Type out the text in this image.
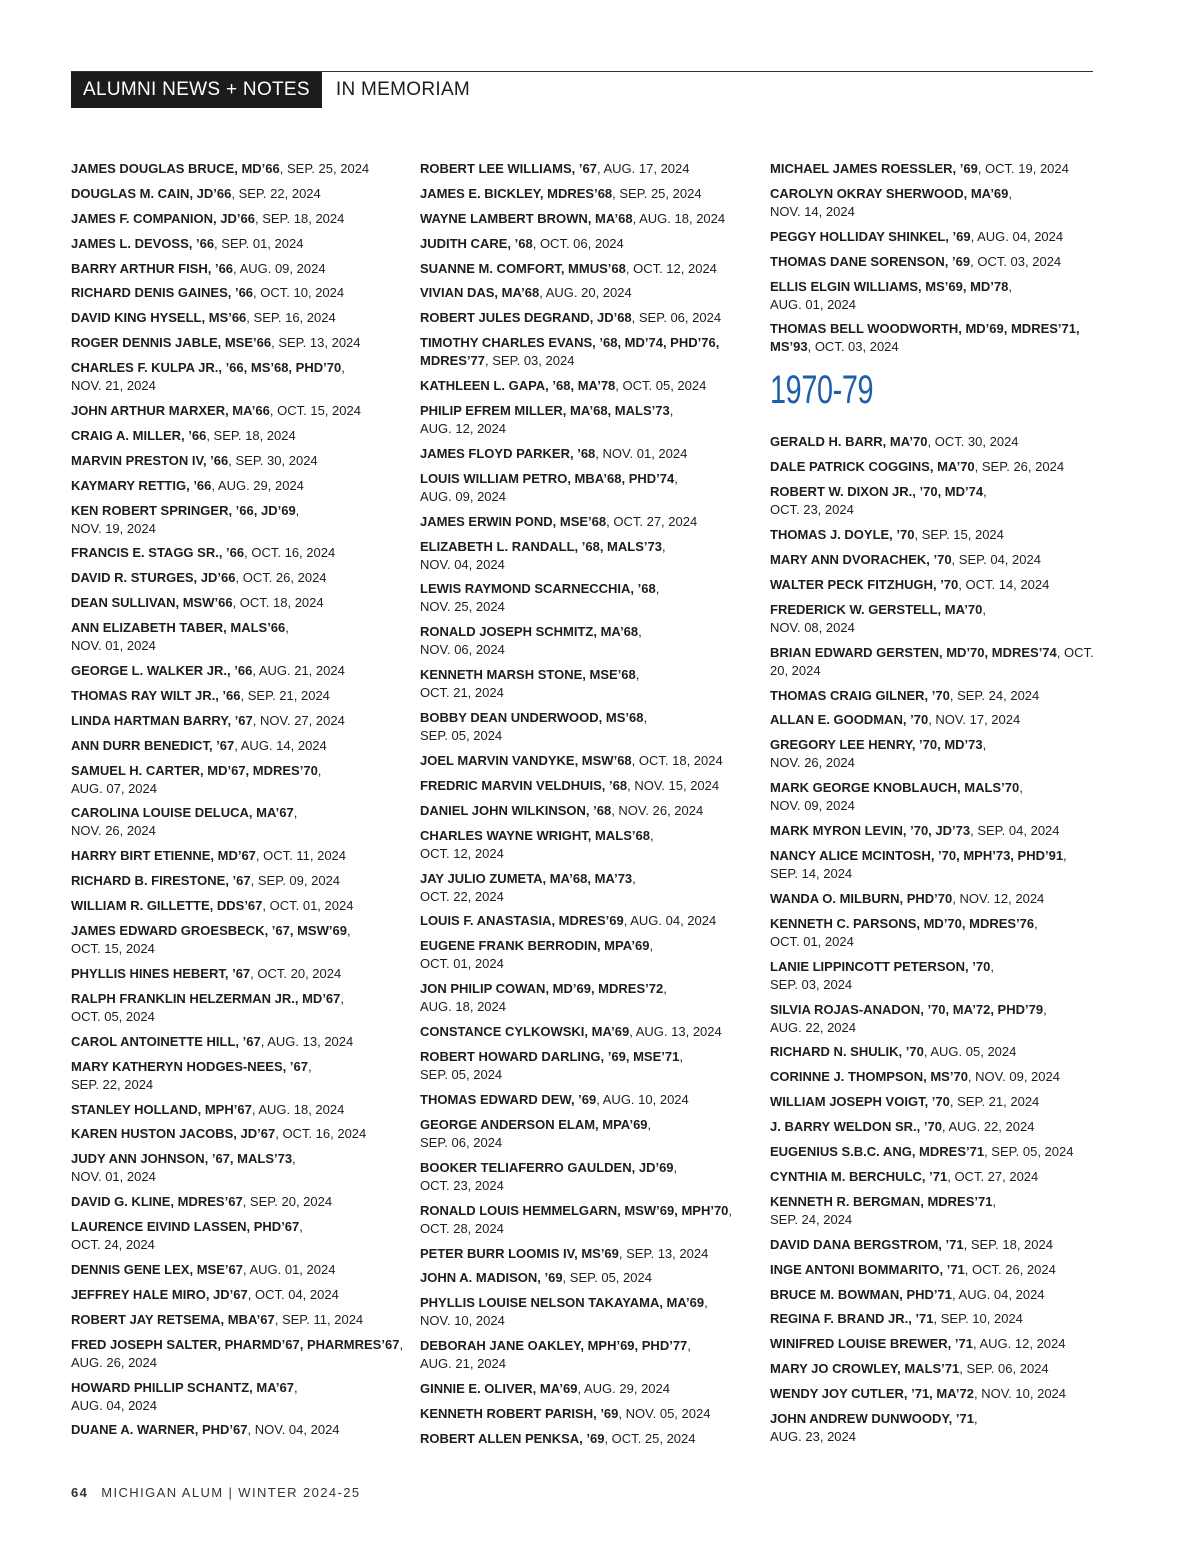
ALUMNI NEWS + NOTES	IN MEMORIAM
JAMES DOUGLAS BRUCE, MD’66, SEP. 25, 2024
DOUGLAS M. CAIN, JD’66, SEP. 22, 2024
JAMES F. COMPANION, JD’66, SEP. 18, 2024
JAMES L. DEVOSS, ’66, SEP. 01, 2024
BARRY ARTHUR FISH, ’66, AUG. 09, 2024
RICHARD DENIS GAINES, ’66, OCT. 10, 2024
DAVID KING HYSELL, MS’66, SEP. 16, 2024
ROGER DENNIS JABLE, MSE’66, SEP. 13, 2024
CHARLES F. KULPA JR., ’66, MS’68, PHD’70,
NOV. 21, 2024
JOHN ARTHUR MARXER, MA’66, OCT. 15, 2024
CRAIG A. MILLER, ’66, SEP. 18, 2024
MARVIN PRESTON IV, ’66, SEP. 30, 2024
KAYMARY RETTIG, ’66, AUG. 29, 2024
KEN ROBERT SPRINGER, ’66, JD’69,
NOV. 19, 2024
FRANCIS E. STAGG SR., ’66, OCT. 16, 2024
DAVID R. STURGES, JD’66, OCT. 26, 2024
DEAN SULLIVAN, MSW’66, OCT. 18, 2024
ANN ELIZABETH TABER, MALS’66,
NOV. 01, 2024
GEORGE L. WALKER JR., ’66, AUG. 21, 2024
THOMAS RAY WILT JR., ’66, SEP. 21, 2024
LINDA HARTMAN BARRY, ’67, NOV. 27, 2024
ANN DURR BENEDICT, ’67, AUG. 14, 2024
SAMUEL H. CARTER, MD’67, MDRES’70,
AUG. 07, 2024
CAROLINA LOUISE DELUCA, MA’67,
NOV. 26, 2024
HARRY BIRT ETIENNE, MD’67, OCT. 11, 2024
RICHARD B. FIRESTONE, ’67, SEP. 09, 2024
WILLIAM R. GILLETTE, DDS’67, OCT. 01, 2024
JAMES EDWARD GROESBECK, ’67, MSW’69,
OCT. 15, 2024
PHYLLIS HINES HEBERT, ’67, OCT. 20, 2024
RALPH FRANKLIN HELZERMAN JR., MD’67,
OCT. 05, 2024
CAROL ANTOINETTE HILL, ’67, AUG. 13, 2024
MARY KATHERYN HODGES-NEES, ’67,
SEP. 22, 2024
STANLEY HOLLAND, MPH’67, AUG. 18, 2024
KAREN HUSTON JACOBS, JD’67, OCT. 16, 2024
JUDY ANN JOHNSON, ’67, MALS’73,
NOV. 01, 2024
DAVID G. KLINE, MDRES’67, SEP. 20, 2024
LAURENCE EIVIND LASSEN, PHD’67,
OCT. 24, 2024
DENNIS GENE LEX, MSE’67, AUG. 01, 2024
JEFFREY HALE MIRO, JD’67, OCT. 04, 2024
ROBERT JAY RETSEMA, MBA’67, SEP. 11, 2024
FRED JOSEPH SALTER, PHARMD’67, PHARMRES’67, AUG. 26, 2024
HOWARD PHILLIP SCHANTZ, MA’67,
AUG. 04, 2024
DUANE A. WARNER, PHD’67, NOV. 04, 2024
ROBERT LEE WILLIAMS, ’67, AUG. 17, 2024
JAMES E. BICKLEY, MDRES’68, SEP. 25, 2024
WAYNE LAMBERT BROWN, MA’68, AUG. 18, 2024
JUDITH CARE, ’68, OCT. 06, 2024
SUANNE M. COMFORT, MMUS’68, OCT. 12, 2024
VIVIAN DAS, MA’68, AUG. 20, 2024
ROBERT JULES DEGRAND, JD’68, SEP. 06, 2024
TIMOTHY CHARLES EVANS, ’68, MD’74, PHD’76, MDRES’77, SEP. 03, 2024
KATHLEEN L. GAPA, ’68, MA’78, OCT. 05, 2024
PHILIP EFREM MILLER, MA’68, MALS’73,
AUG. 12, 2024
JAMES FLOYD PARKER, ’68, NOV. 01, 2024
LOUIS WILLIAM PETRO, MBA’68, PHD’74,
AUG. 09, 2024
JAMES ERWIN POND, MSE’68, OCT. 27, 2024
ELIZABETH L. RANDALL, ’68, MALS’73,
NOV. 04, 2024
LEWIS RAYMOND SCARNECCHIA, ’68,
NOV. 25, 2024
RONALD JOSEPH SCHMITZ, MA’68,
NOV. 06, 2024
KENNETH MARSH STONE, MSE’68,
OCT. 21, 2024
BOBBY DEAN UNDERWOOD, MS’68,
SEP. 05, 2024
JOEL MARVIN VANDYKE, MSW’68, OCT. 18, 2024
FREDRIC MARVIN VELDHUIS, ’68, NOV. 15, 2024
DANIEL JOHN WILKINSON, ’68, NOV. 26, 2024
CHARLES WAYNE WRIGHT, MALS’68,
OCT. 12, 2024
JAY JULIO ZUMETA, MA’68, MA’73,
OCT. 22, 2024
LOUIS F. ANASTASIA, MDRES’69, AUG. 04, 2024
EUGENE FRANK BERRODIN, MPA’69,
OCT. 01, 2024
JON PHILIP COWAN, MD’69, MDRES’72,
AUG. 18, 2024
CONSTANCE CYLKOWSKI, MA’69, AUG. 13, 2024
ROBERT HOWARD DARLING, ’69, MSE’71,
SEP. 05, 2024
THOMAS EDWARD DEW, ’69, AUG. 10, 2024
GEORGE ANDERSON ELAM, MPA’69,
SEP. 06, 2024
BOOKER TELIAFERRO GAULDEN, JD’69,
OCT. 23, 2024
RONALD LOUIS HEMMELGARN, MSW’69, MPH’70, OCT. 28, 2024
PETER BURR LOOMIS IV, MS’69, SEP. 13, 2024
JOHN A. MADISON, ’69, SEP. 05, 2024
PHYLLIS LOUISE NELSON TAKAYAMA, MA’69,
NOV. 10, 2024
DEBORAH JANE OAKLEY, MPH’69, PHD’77,
AUG. 21, 2024
GINNIE E. OLIVER, MA’69, AUG. 29, 2024
KENNETH ROBERT PARISH, ’69, NOV. 05, 2024
ROBERT ALLEN PENKSA, ’69, OCT. 25, 2024
MICHAEL JAMES ROESSLER, ’69, OCT. 19, 2024
CAROLYN OKRAY SHERWOOD, MA’69,
NOV. 14, 2024
PEGGY HOLLIDAY SHINKEL, ’69, AUG. 04, 2024
THOMAS DANE SORENSON, ’69, OCT. 03, 2024
ELLIS ELGIN WILLIAMS, MS’69, MD’78,
AUG. 01, 2024
THOMAS BELL WOODWORTH, MD’69, MDRES’71, MS’93, OCT. 03, 2024
1970-79
GERALD H. BARR, MA’70, OCT. 30, 2024
DALE PATRICK COGGINS, MA’70, SEP. 26, 2024
ROBERT W. DIXON JR., ’70, MD’74,
OCT. 23, 2024
THOMAS J. DOYLE, ’70, SEP. 15, 2024
MARY ANN DVORACHEK, ’70, SEP. 04, 2024
WALTER PECK FITZHUGH, ’70, OCT. 14, 2024
FREDERICK W. GERSTELL, MA’70,
NOV. 08, 2024
BRIAN EDWARD GERSTEN, MD’70, MDRES’74, OCT. 20, 2024
THOMAS CRAIG GILNER, ’70, SEP. 24, 2024
ALLAN E. GOODMAN, ’70, NOV. 17, 2024
GREGORY LEE HENRY, ’70, MD’73,
NOV. 26, 2024
MARK GEORGE KNOBLAUCH, MALS’70,
NOV. 09, 2024
MARK MYRON LEVIN, ’70, JD’73, SEP. 04, 2024
NANCY ALICE MCINTOSH, ’70, MPH’73, PHD’91,
SEP. 14, 2024
WANDA O. MILBURN, PHD’70, NOV. 12, 2024
KENNETH C. PARSONS, MD’70, MDRES’76,
OCT. 01, 2024
LANIE LIPPINCOTT PETERSON, ’70,
SEP. 03, 2024
SILVIA ROJAS-ANADON, ’70, MA’72, PHD’79,
AUG. 22, 2024
RICHARD N. SHULIK, ’70, AUG. 05, 2024
CORINNE J. THOMPSON, MS’70, NOV. 09, 2024
WILLIAM JOSEPH VOIGT, ’70, SEP. 21, 2024
J. BARRY WELDON SR., ’70, AUG. 22, 2024
EUGENIUS S.B.C. ANG, MDRES’71, SEP. 05, 2024
CYNTHIA M. BERCHULC, ’71, OCT. 27, 2024
KENNETH R. BERGMAN, MDRES’71,
SEP. 24, 2024
DAVID DANA BERGSTROM, ’71, SEP. 18, 2024
INGE ANTONI BOMMARITO, ’71, OCT. 26, 2024
BRUCE M. BOWMAN, PHD’71, AUG. 04, 2024
REGINA F. BRAND JR., ’71, SEP. 10, 2024
WINIFRED LOUISE BREWER, ’71, AUG. 12, 2024
MARY JO CROWLEY, MALS’71, SEP. 06, 2024
WENDY JOY CUTLER, ’71, MA’72, NOV. 10, 2024
JOHN ANDREW DUNWOODY, ’71,
AUG. 23, 2024
64 MICHIGAN ALUM | WINTER 2024-25
